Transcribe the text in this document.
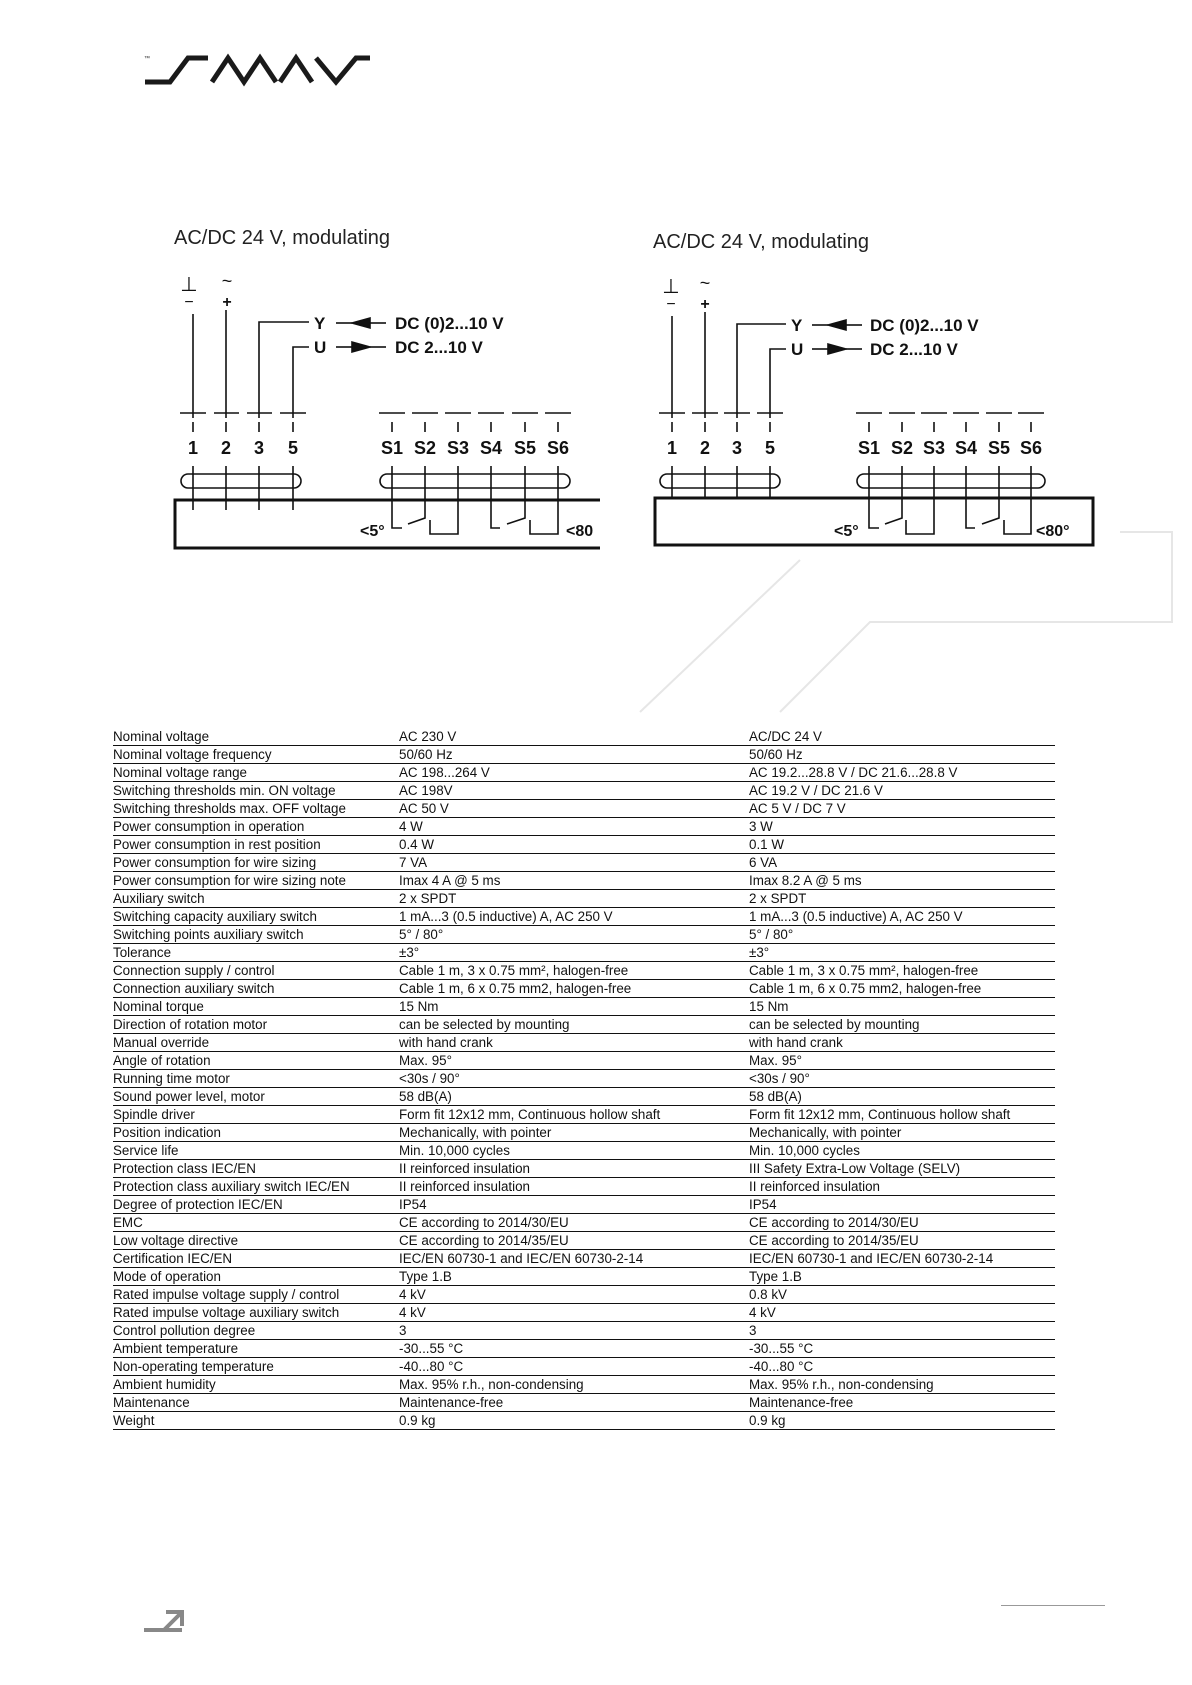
™
AC/DC 24 V, modulating
⊥ ~
− +
Y	DC (0)2...10 V
U	DC 2...10 V
1 2 3 5	S1 S2 S3 S4 S5 S6
<5°	<80
AC/DC 24 V, modulating
⊥ ~
− +
Y	DC (0)2...10 V
U	DC 2...10 V
1 2 3 5	S1 S2 S3 S4 S5 S6
<5°	<80°
Nominal voltage	AC 230 V	AC/DC 24 V
Nominal voltage frequency	50/60 Hz	50/60 Hz
Nominal voltage range	AC 198...264 V	AC 19.2...28.8 V / DC 21.6...28.8 V
Switching thresholds min. ON voltage	AC 198V	AC 19.2 V / DC 21.6 V
Switching thresholds max. OFF voltage	AC 50 V	AC 5 V / DC 7 V
Power consumption in operation	4 W	3 W
Power consumption in rest position	0.4 W	0.1 W
Power consumption for wire sizing	7 VA	6 VA
Power consumption for wire sizing note	Imax 4 A @ 5 ms	Imax 8.2 A @ 5 ms
Auxiliary switch	2 x SPDT	2 x SPDT
Switching capacity auxiliary switch	1 mA...3 (0.5 inductive) A, AC 250 V	1 mA...3 (0.5 inductive) A, AC 250 V
Switching points auxiliary switch	5° / 80°	5° / 80°
Tolerance	±3°	±3°
Connection supply / control	Cable 1 m, 3 x 0.75 mm², halogen-free	Cable 1 m, 3 x 0.75 mm², halogen-free
Connection auxiliary switch	Cable 1 m, 6 x 0.75 mm2, halogen-free	Cable 1 m, 6 x 0.75 mm2, halogen-free
Nominal torque	15 Nm	15 Nm
Direction of rotation motor	can be selected by mounting	can be selected by mounting
Manual override	with hand crank	with hand crank
Angle of rotation	Max. 95°	Max. 95°
Running time motor	<30s / 90°	<30s / 90°
Sound power level, motor	58 dB(A)	58 dB(A)
Spindle driver	Form fit 12x12 mm, Continuous hollow shaft	Form fit 12x12 mm, Continuous hollow shaft
Position indication	Mechanically, with pointer	Mechanically, with pointer
Service life	Min. 10,000 cycles	Min. 10,000 cycles
Protection class IEC/EN	II reinforced insulation	III Safety Extra-Low Voltage (SELV)
Protection class auxiliary switch IEC/EN	II reinforced insulation	II reinforced insulation
Degree of protection IEC/EN	IP54	IP54
EMC	CE according to 2014/30/EU	CE according to 2014/30/EU
Low voltage directive	CE according to 2014/35/EU	CE according to 2014/35/EU
Certification IEC/EN	IEC/EN 60730-1 and IEC/EN 60730-2-14	IEC/EN 60730-1 and IEC/EN 60730-2-14
Mode of operation	Type 1.B	Type 1.B
Rated impulse voltage supply / control	4 kV	0.8 kV
Rated impulse voltage auxiliary switch	4 kV	4 kV
Control pollution degree	3	3
Ambient temperature	-30...55 °C	-30...55 °C
Non-operating temperature	-40...80 °C	-40...80 °C
Ambient humidity	Max. 95% r.h., non-condensing	Max. 95% r.h., non-condensing
Maintenance	Maintenance-free	Maintenance-free
Weight	0.9 kg	0.9 kg
